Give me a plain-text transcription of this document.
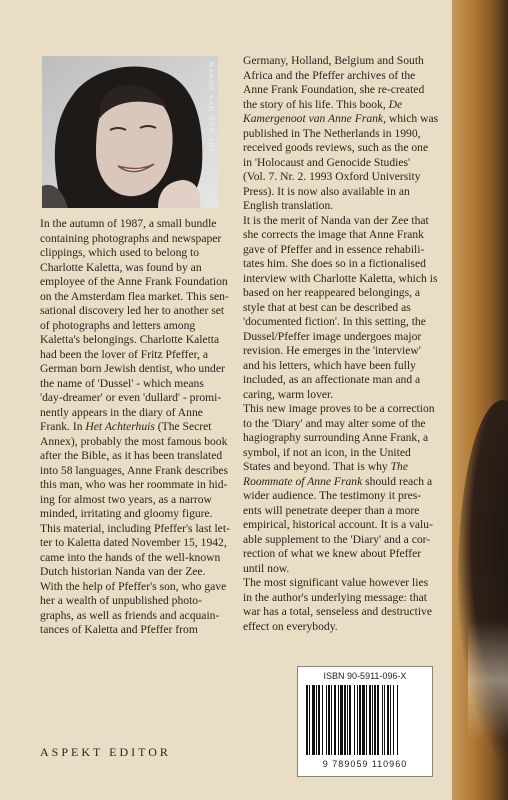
NANDA VAN DER ZEE

In the autumn of 1987, a small bundle

containing photographs and newspaper

clippings, which used to belong to

Charlotte Kaletta, was found by an

employee of the Anne Frank Foundation

on the Amsterdam flea market. This sen-

sational discovery led her to another set

of photographs and letters among

Kaletta's belongings. Charlotte Kaletta

had been the lover of Fritz Pfeffer, a

German born Jewish dentist, who under

the name of 'Dussel' - which means

'day-dreamer' or even 'dullard' - promi-

nently appears in the diary of Anne

Frank. In Het Achterhuis (The Secret

Annex), probably the most famous book

after the Bible, as it has been translated

into 58 languages, Anne Frank describes

this man, who was her roommate in hid-

ing for almost two years, as a narrow

minded, irritating and gloomy figure.

This material, including Pfeffer's last let-

ter to Kaletta dated November 15, 1942,

came into the hands of the well-known

Dutch historian Nanda van der Zee.

With the help of Pfeffer's son, who gave

her a wealth of unpublished photo-

graphs, as well as friends and acquain-

tances of Kaletta and Pfeffer from

Germany, Holland, Belgium and South

Africa and the Pfeffer archives of the

Anne Frank Foundation, she re-created

the story of his life. This book, De

Kamergenoot van Anne Frank, which was

published in The Netherlands in 1990,

received goods reviews, such as the one

in 'Holocaust and Genocide Studies'

(Vol. 7. Nr. 2. 1993 Oxford University

Press). It is now also available in an

English translation.

It is the merit of Nanda van der Zee that

she corrects the image that Anne Frank

gave of Pfeffer and in essence rehabili-

tates him. She does so in a fictionalised

interview with Charlotte Kaletta, which is

based on her reappeared belongings, a

style that at best can be described as

'documented fiction'. In this setting, the

Dussel/Pfeffer image undergoes major

revision. He emerges in the 'interview'

and his letters, which have been fully

included, as an affectionate man and a

caring, warm lover.

This new image proves to be a correction

to the 'Diary' and may alter some of the

hagiography surrounding Anne Frank, a

symbol, if not an icon, in the United

States and beyond. That is why The

Roommate of Anne Frank should reach a

wider audience. The testimony it pres-

ents will penetrate deeper than a more

empirical, historical account. It is a valu-

able supplement to the 'Diary' and a cor-

rection of what we knew about Pfeffer

until now.

The most significant value however lies

in the author's underlying message: that

war has a total, senseless and destructive

effect on everybody.

ASPEKT EDITOR
ISBN 90-5911-096-X
9 789059 110960
